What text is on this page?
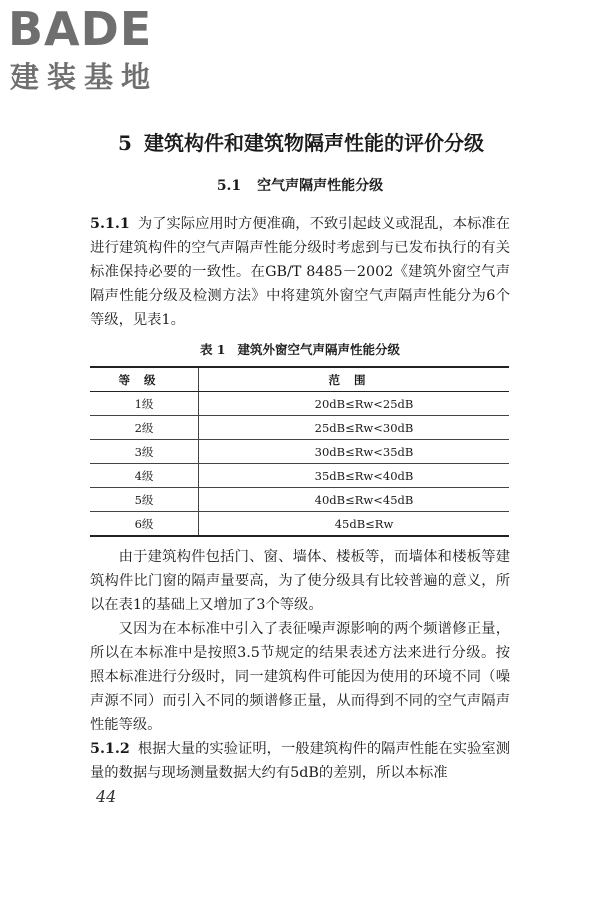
BADE
建装基地
5 建筑构件和建筑物隔声性能的评价分级
5.1 空气声隔声性能分级
5.1.1 为了实际应用时方便准确，不致引起歧义或混乱，本标准在进行建筑构件的空气声隔声性能分级时考虑到与已发布执行的有关标准保持必要的一致性。在GB/T 8485－2002《建筑外窗空气声隔声性能分级及检测方法》中将建筑外窗空气声隔声性能分为6个等级，见表1。
表 1 建筑外窗空气声隔声性能分级
等级	范围
1级	20dB≤Rw<25dB
2级	25dB≤Rw<30dB
3级	30dB≤Rw<35dB
4级	35dB≤Rw<40dB
5级	40dB≤Rw<45dB
6级	45dB≤Rw
由于建筑构件包括门、窗、墙体、楼板等，而墙体和楼板等建筑构件比门窗的隔声量要高，为了使分级具有比较普遍的意义，所以在表1的基础上又增加了3个等级。
又因为在本标准中引入了表征噪声源影响的两个频谱修正量，所以在本标准中是按照3.5节规定的结果表述方法来进行分级。按照本标准进行分级时，同一建筑构件可能因为使用的环境不同（噪声源不同）而引入不同的频谱修正量，从而得到不同的空气声隔声性能等级。
5.1.2 根据大量的实验证明，一般建筑构件的隔声性能在实验室测量的数据与现场测量数据大约有5dB的差别，所以本标准
44
